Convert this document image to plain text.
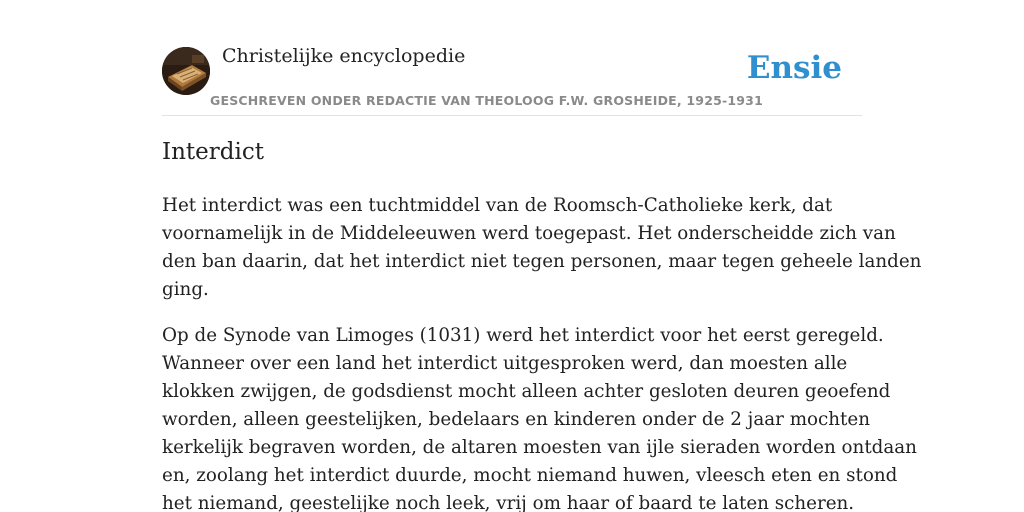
Christelijke encyclopedie
GESCHREVEN ONDER REDACTIE VAN THEOLOOG F.W. GROSHEIDE, 1925-1931
Ensie
Interdict

Het interdict was een tuchtmiddel van de Roomsch-Catholieke kerk, dat
voornamelijk in de Middeleeuwen werd toegepast. Het onderscheidde zich van
den ban daarin, dat het interdict niet tegen personen, maar tegen geheele landen
ging.

Op de Synode van Limoges (1031) werd het interdict voor het eerst geregeld.
Wanneer over een land het interdict uitgesproken werd, dan moesten alle
klokken zwijgen, de godsdienst mocht alleen achter gesloten deuren geoefend
worden, alleen geestelijken, bedelaars en kinderen onder de 2 jaar mochten
kerkelijk begraven worden, de altaren moesten van ijle sieraden worden ontdaan
en, zoolang het interdict duurde, mocht niemand huwen, vleesch eten en stond
het niemand, geestelijke noch leek, vrij om haar of baard te laten scheren.
